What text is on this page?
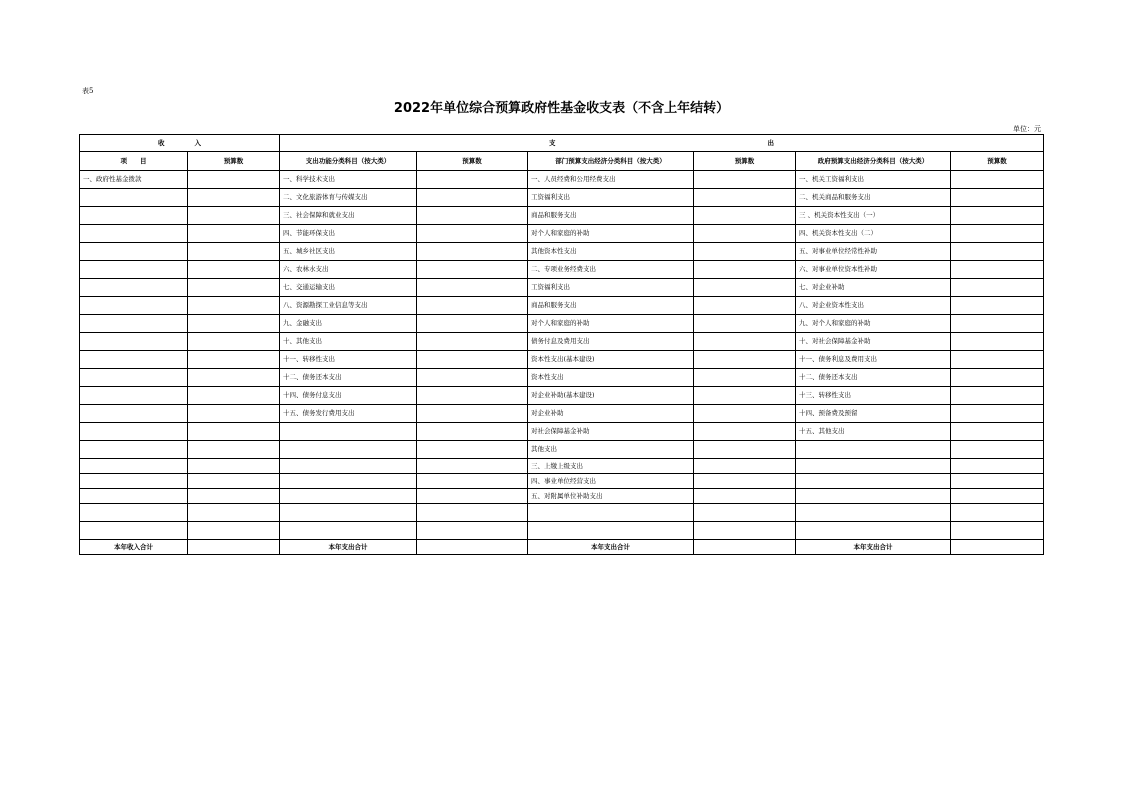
表5
2022年单位综合预算政府性基金收支表（不含上年结转）
单位：元
收 入		支 出					

项　　目	预算数	支出功能分类科目（按大类）	预算数	部门预算支出经济分类科目（按大类）	预算数	政府预算支出经济分类科目（按大类）	预算数
一、政府性基金拨款		一、科学技术支出		一、人员经费和公用经费支出		一、机关工资福利支出	
		二、文化旅游体育与传媒支出		工资福利支出		二、机关商品和服务支出	
		三、社会保障和就业支出		商品和服务支出		三 、机关资本性支出（一）	
		四、节能环保支出		对个人和家庭的补助		四、机关资本性支出（二）	
		五、城乡社区支出		其他资本性支出		五、对事业单位经常性补助	
		六、农林水支出		二、专项业务经费支出		六、对事业单位资本性补助	
		七、交通运输支出		工资福利支出		七、对企业补助	
		八、资源勘探工业信息等支出		商品和服务支出		八、对企业资本性支出	
		九、金融支出		对个人和家庭的补助		九、对个人和家庭的补助	
		十、其他支出		债务付息及费用支出		十、对社会保障基金补助	
		十一、转移性支出		资本性支出(基本建设)		十一、债务利息及费用支出	
		十二、债务还本支出		资本性支出		十二、债务还本支出	
		十四、债务付息支出		对企业补助(基本建设)		十三、转移性支出	
		十五、债务发行费用支出		对企业补助		十四、预备费及预留	
				对社会保障基金补助		十五、其他支出	
				其他支出			
				三、上缴上级支出			
				四、事业单位经营支出			
				五、对附属单位补助支出			

本年收入合计		本年支出合计		本年支出合计		本年支出合计	
